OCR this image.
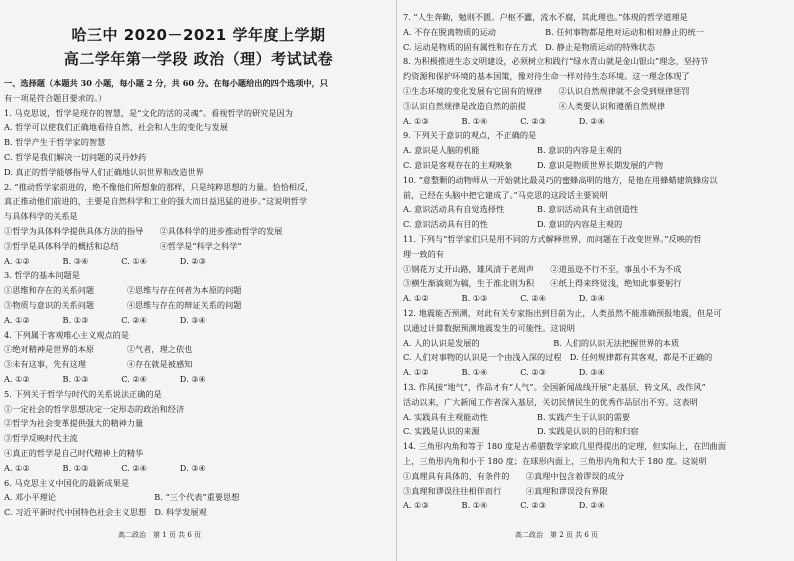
哈三中 2020－2021 学年度上学期
高二学年第一学段 政治（理）考试试卷
高二政治　第 1 页 共 6 页
一、选择题（本题共 30 小题，每小题 2 分，共 60 分。在每小题给出的四个选项中，只
有一项是符合题目要求的。）
1. 马克思说，哲学是现存的智慧，是“文化的活的灵魂”。看视哲学的研究是因为
A. 哲学可以使我们正确地看待自然、社会和人生的变化与发展
B. 哲学产生于哲学家的智慧
C. 哲学是我们解决一切问题的灵丹妙药
D. 真正的哲学能够指导人们正确地认识世界和改造世界
2. “推动哲学家前进的，绝不像他们所想象的那样，只是纯粹思想的力量。恰恰相反，
真正推动他们前进的，主要是自然科学和工业的强大而日益迅猛的进步。”这说明哲学
与具体科学的关系是
①哲学为具体科学提供具体方法的指导　　②具体科学的进步推动哲学的发展
③哲学是具体科学的概括和总结　　　　　④哲学是“科学之科学”
A. ①②　　　　B. ③④　　　　C. ①④　　　　D. ②③
3. 哲学的基本问题是
①思维和存在的关系问题　　　　②思维与存在何者为本原的问题
③物质与意识的关系问题　　　　④思维与存在的辩证关系的问题
A. ①②　　　　B. ①③　　　　C. ②④　　　　D. ③④
4. 下列属于客观唯心主义观点的是
①绝对精神是世界的本原　　　　②气者，理之依也
③未有这事，先有这理　　　　　④存在就是被感知
A. ①②　　　　B. ①③　　　　C. ②④　　　　D. ③④
5. 下列关于哲学与时代的关系说法正确的是
①一定社会的哲学思想决定一定形态的政治和经济
②哲学为社会变革提供强大的精神力量
③哲学反映时代主流
④真正的哲学是自己时代精神上的精华
A. ①②　　　　B. ①③　　　　C. ②④　　　　D. ③④
6. 马克思主义中国化的最新成果是
A. 邓小平理论　　　　　　　　　　　　B. “三个代表”重要思想
C. 习近平新时代中国特色社会主义思想　D. 科学发展观
高二政治　第 2 页 共 6 页
7. “人生奔勤，勉则不匮。户枢不蠹，流水不腐，其此理也。”体现的哲学道理是
A. 不存在脱离物质的运动　　　　　　B. 任何事物都是绝对运动和相对静止的统一
C. 运动是物质的固有属性和存在方式　D. 静止是物质运动的特殊状态
8. 为积极推进生态文明建设，必须树立和践行“绿水青山就是金山银山”理念，坚持节
约资源和保护环境的基本国策，像对待生命一样对待生态环境。这一理念体现了
①生态环境的变化发展有它固有的规律　　②认识自然规律就不会受到规律惩罚
③认识自然规律是改造自然的前提　　　　④人类要认识和遵循自然规律
A. ①③　　　　B. ①④　　　　C. ②③　　　　D. ②④
9. 下列关于意识的观点，不正确的是
A. 意识是人脑的机能　　　　　　　B. 意识的内容是主观的
C. 意识是客观存在的主观映象　　　D. 意识是物质世界长期发展的产物
10. “意整颗的动物师从一开始就比最灵巧的蜜蜂高明的地方，是他在用蜂蜡建筑蜂房以
前，已经在头脑中把它建成了。”马克思的这段话主要说明
A. 意识活动具有自觉选择性　　　　B. 意识活动具有主动创造性
C. 意识活动具有目的性　　　　　　D. 意识的内容是主观的
11. 下列与“哲学家们只是用不同的方式解释世界，而问题在于改变世界。”反映的哲
理一致的有
①钢花万丈开山路，雄风清于老周声　　②道虽迩不行不至，事虽小不为不成
③横生渐滴则为稿，生于淮北则为积　　④纸上得来终觉浅，绝知此事要躬行
A. ①②　　　　B. ①③　　　　C. ②④　　　　D. ③④
12. 地震能否预测，对此有关专家指出到目前为止，人类虽然不能准确预报地震，但是可
以通过计算数据预测地震发生的可能性。这说明
A. 人的认识是发展的　　　　　　　　　B. 人们的认识无法把握世界的本质
C. 人们对事物的认识是一个由浅入深的过程　D. 任何规律都有其客观，都是不正确的
A. ①②　　　　B. ①④　　　　C. ②③　　　　D. ③④
13. 作风接“地气”，作品才有“人气”。全国新闻战线开展“走基层、转文风、改作风”
活动以来，广大新闻工作者深入基层，关切民情民生的优秀作品层出不穷。这表明
A. 实践具有主观能动性　　　　　　B. 实践产生于认识的需要
C. 实践是认识的来源　　　　　　　D. 实践是认识的目的和归宿
14. 三角形内角和等于 180 度是古希腊数学家欧几里得提出的定理，但实际上，在凹曲面
上，三角形内角和小于 180 度；在球形内面上，三角形内角和大于 180 度。这说明
①真理具有具体的、有条件的　　②真理中包含着谬误的成分
③真理和谬误往往相伴而行　　　④真理和谬误没有界限
A. ①③　　　　B. ①④　　　　C. ②③　　　　D. ②④
